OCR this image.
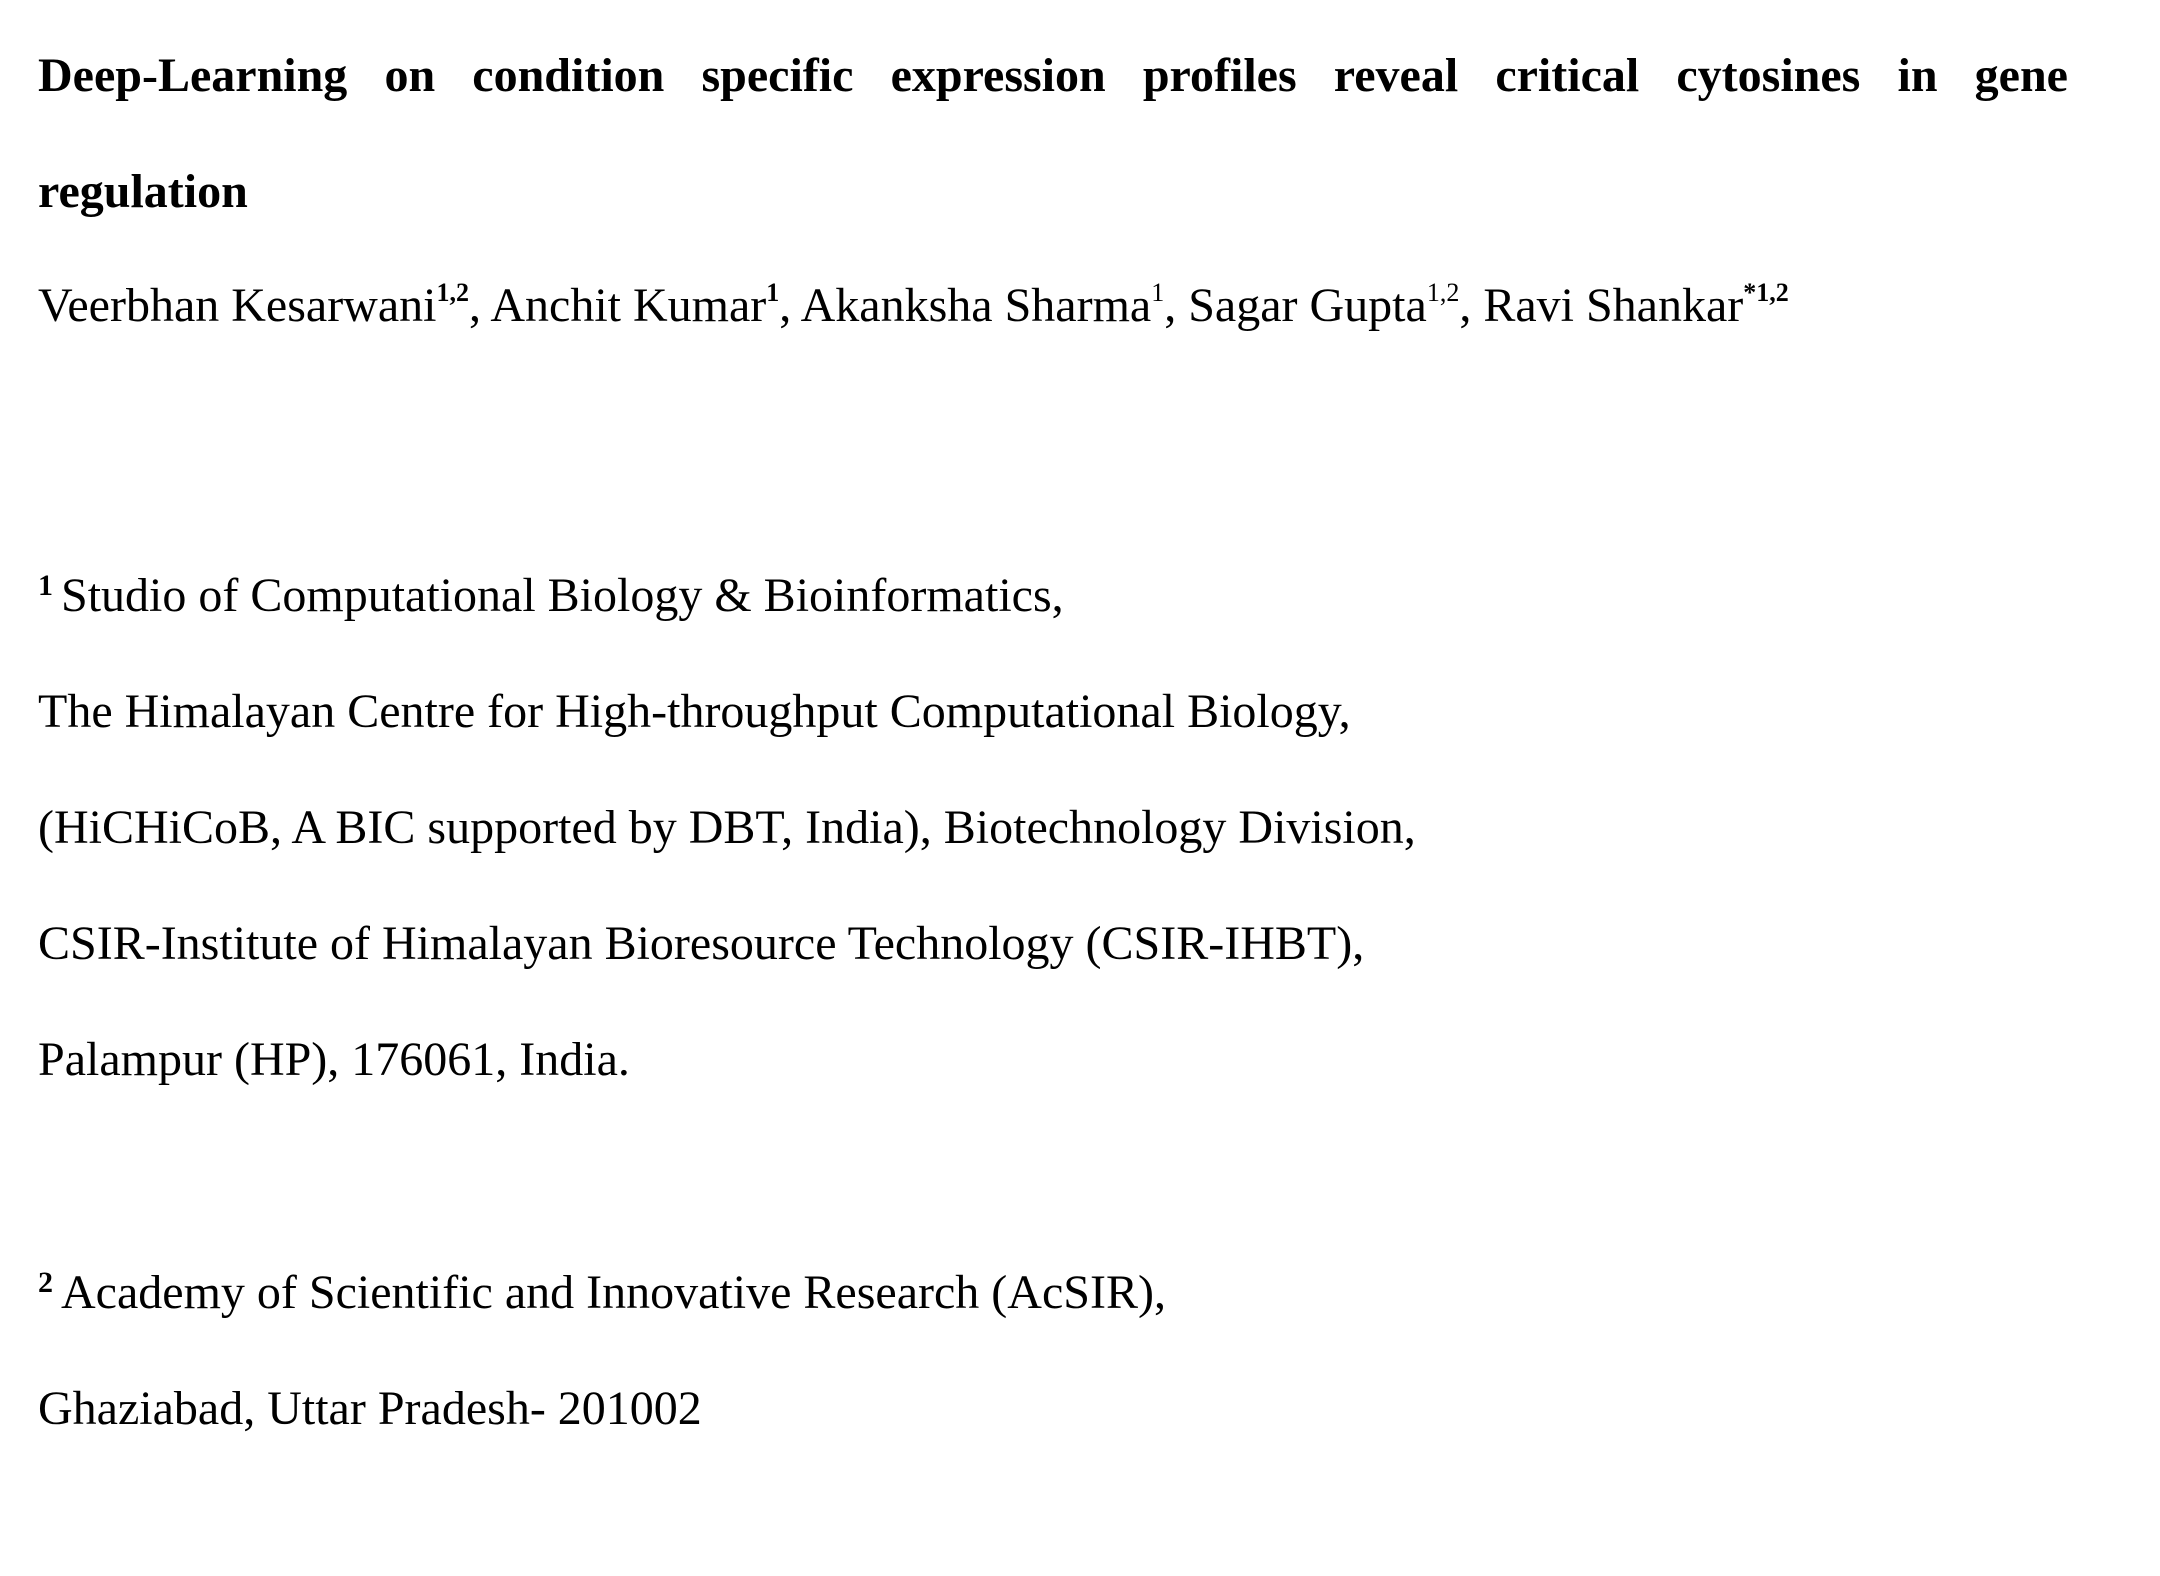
Deep-Learning on condition specific expression profiles reveal critical cytosines in gene
regulation
Veerbhan Kesarwani$^{1,2}$, Anchit Kumar$^1$, Akanksha Sharma$^1$, Sagar Gupta$^{1,2}$, Ravi Shankar$^{*1,2}$
$^1$ Studio of Computational Biology & Bioinformatics,
The Himalayan Centre for High-throughput Computational Biology,
(HiCHiCoB, A BIC supported by DBT, India), Biotechnology Division,
CSIR-Institute of Himalayan Bioresource Technology (CSIR-IHBT),
Palampur (HP), 176061, India.
$^2$ Academy of Scientific and Innovative Research (AcSIR),
Ghaziabad, Uttar Pradesh- 201002
